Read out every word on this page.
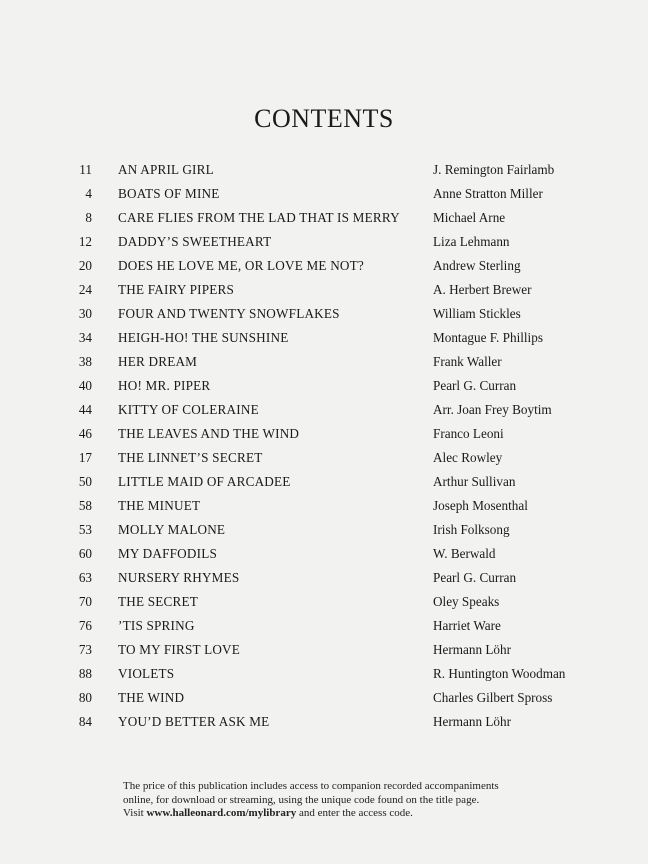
CONTENTS
11 AN APRIL GIRL	J. Remington Fairlamb
4 BOATS OF MINE	Anne Stratton Miller
8 CARE FLIES FROM THE LAD THAT IS MERRY	Michael Arne
12 DADDY’S SWEETHEART	Liza Lehmann
20 DOES HE LOVE ME, OR LOVE ME NOT?	Andrew Sterling
24 THE FAIRY PIPERS	A. Herbert Brewer
30 FOUR AND TWENTY SNOWFLAKES	William Stickles
34 HEIGH-HO! THE SUNSHINE	Montague F. Phillips
38 HER DREAM	Frank Waller
40 HO! MR. PIPER	Pearl G. Curran
44 KITTY OF COLERAINE	Arr. Joan Frey Boytim
46 THE LEAVES AND THE WIND	Franco Leoni
17 THE LINNET’S SECRET	Alec Rowley
50 LITTLE MAID OF ARCADEE	Arthur Sullivan
58 THE MINUET	Joseph Mosenthal
53 MOLLY MALONE	Irish Folksong
60 MY DAFFODILS	W. Berwald
63 NURSERY RHYMES	Pearl G. Curran
70 THE SECRET	Oley Speaks
76 ’TIS SPRING	Harriet Ware
73 TO MY FIRST LOVE	Hermann Löhr
88 VIOLETS	R. Huntington Woodman
80 THE WIND	Charles Gilbert Spross
84 YOU’D BETTER ASK ME	Hermann Löhr
The price of this publication includes access to companion recorded accompaniments
online, for download or streaming, using the unique code found on the title page.
Visit www.halleonard.com/mylibrary and enter the access code.
